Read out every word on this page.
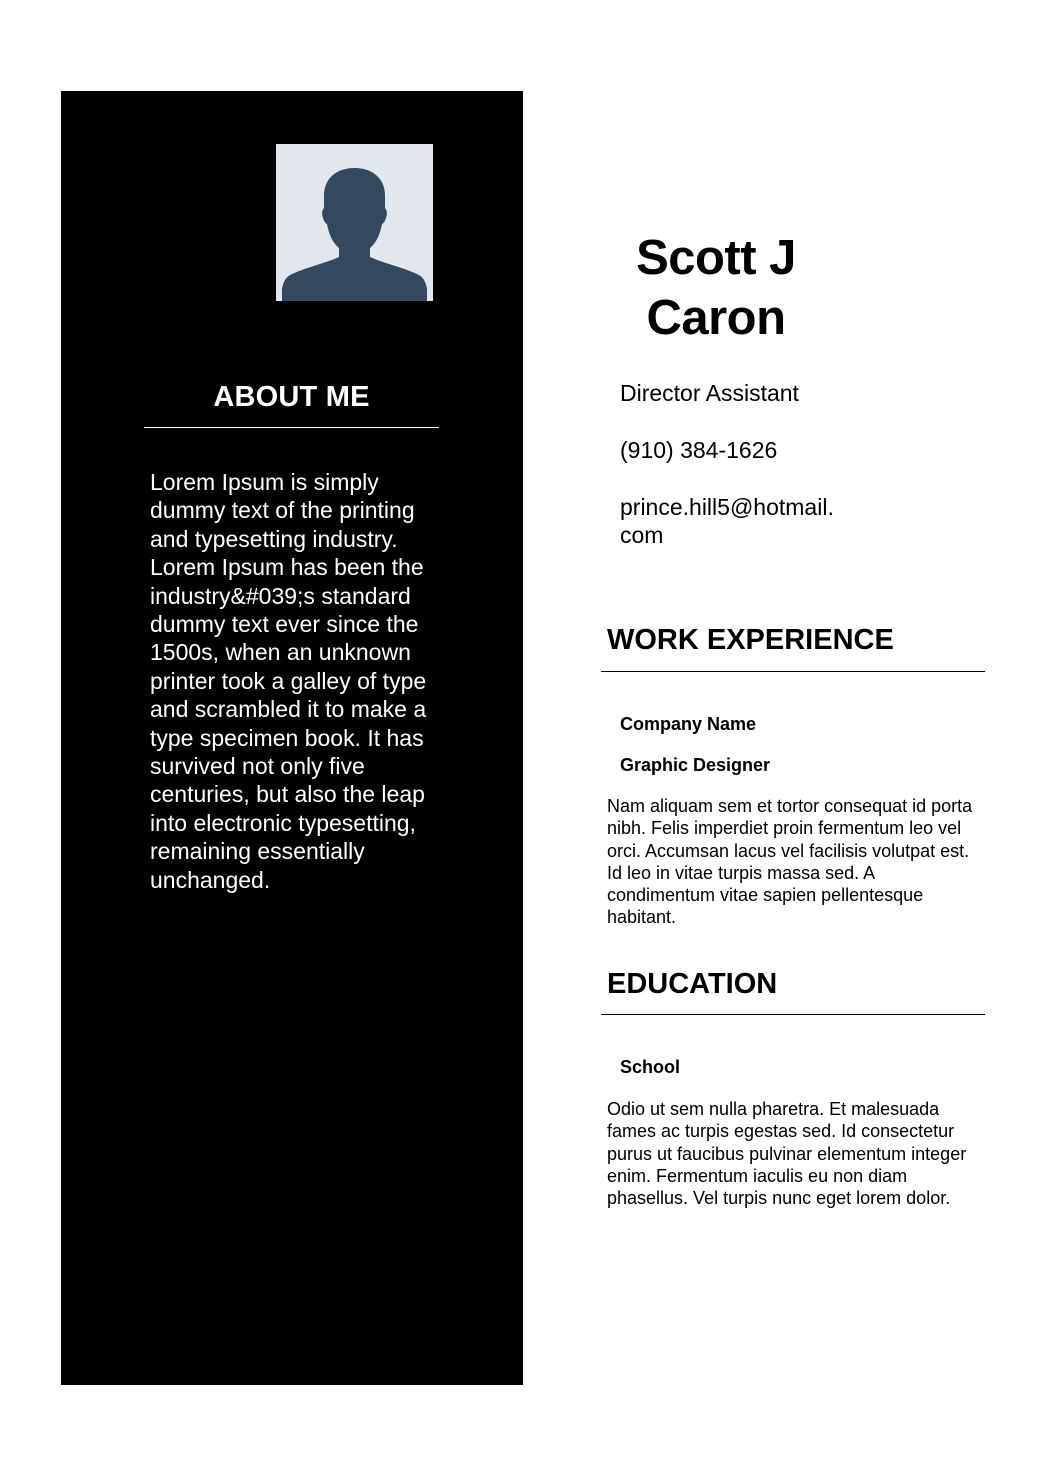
ABOUT ME
Lorem Ipsum is simply dummy text of the printing and typesetting industry. Lorem Ipsum has been the industry&#039;s standard dummy text ever since the 1500s, when an unknown printer took a galley of type and scrambled it to make a type specimen book. It has survived not only five centuries, but also the leap into electronic typesetting, remaining essentially unchanged.
Scott J
Caron
Director Assistant
(910) 384-1626
prince.hill5@hotmail.com
WORK EXPERIENCE
Company Name
Graphic Designer
Nam aliquam sem et tortor consequat id porta nibh. Felis imperdiet proin fermentum leo vel orci. Accumsan lacus vel facilisis volutpat est. Id leo in vitae turpis massa sed. A condimentum vitae sapien pellentesque habitant.
EDUCATION
School
Odio ut sem nulla pharetra. Et malesuada fames ac turpis egestas sed. Id consectetur purus ut faucibus pulvinar elementum integer enim. Fermentum iaculis eu non diam phasellus. Vel turpis nunc eget lorem dolor.
